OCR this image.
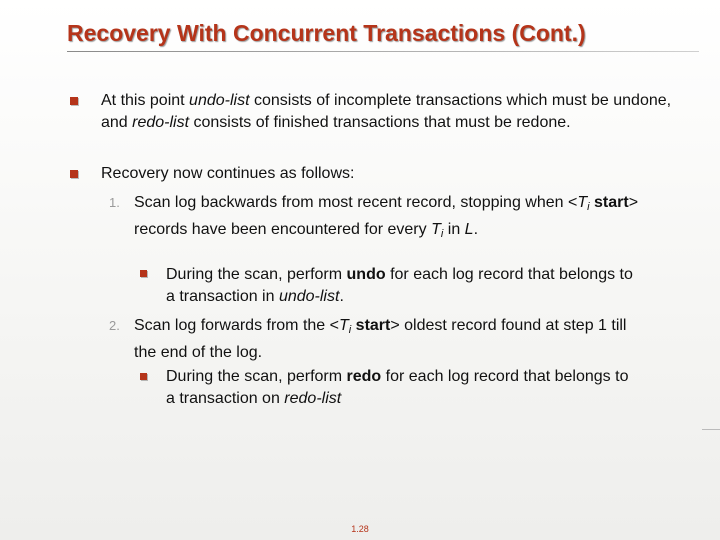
Recovery With Concurrent Transactions (Cont.)
At this point undo-list consists of incomplete transactions which must be undone, and redo-list consists of finished transactions that must be redone.
Recovery now continues as follows:
1. Scan log backwards from most recent record, stopping when $<T_i$ start> records have been encountered for every $T_i$ in L.
During the scan, perform undo for each log record that belongs to a transaction in undo-list.
2. Scan log forwards from the $<T_i$ start> oldest record found at step 1 till the end of the log.
During the scan, perform redo for each log record that belongs to a transaction on redo-list
1.28
